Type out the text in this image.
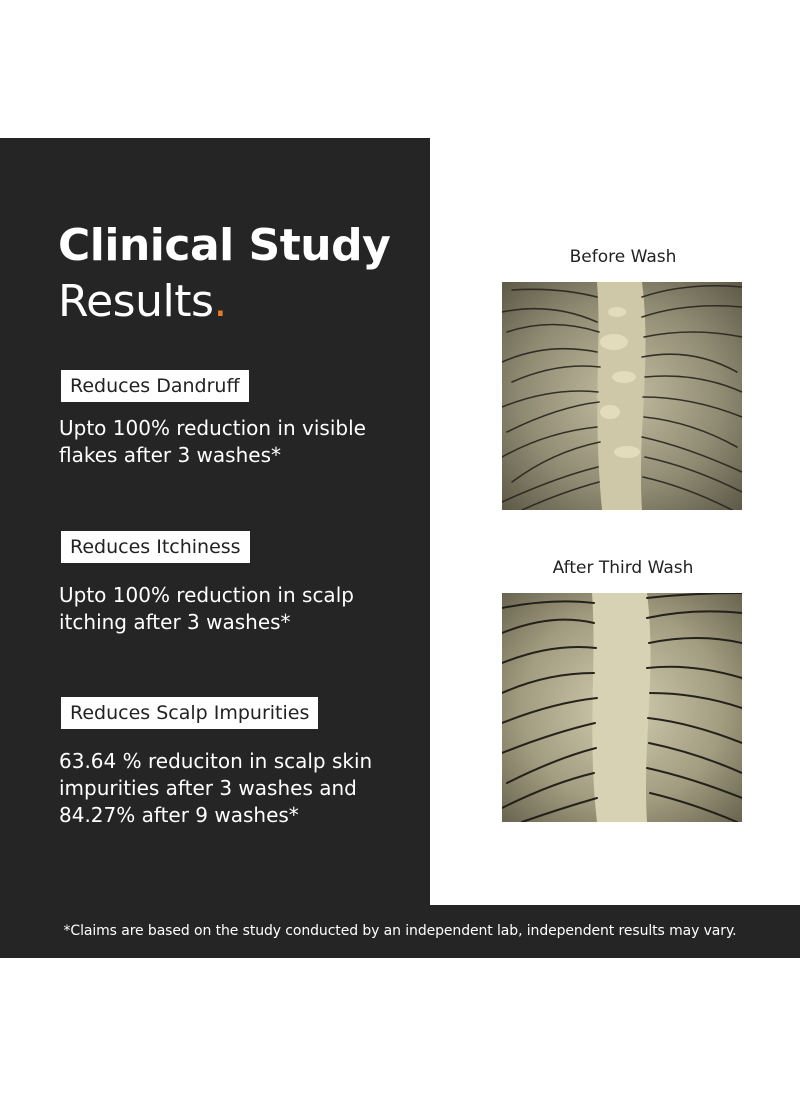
Clinical Study
Results.
Reduces Dandruff
Upto 100% reduction in visible
flakes after 3 washes*
Reduces Itchiness
Upto 100% reduction in scalp
itching after 3 washes*
Reduces Scalp Impurities
63.64 % reduciton in scalp skin
impurities after 3 washes and
84.27% after 9 washes*
Before Wash
After Third Wash
*Claims are based on the study conducted by an independent lab, independent results may vary.
